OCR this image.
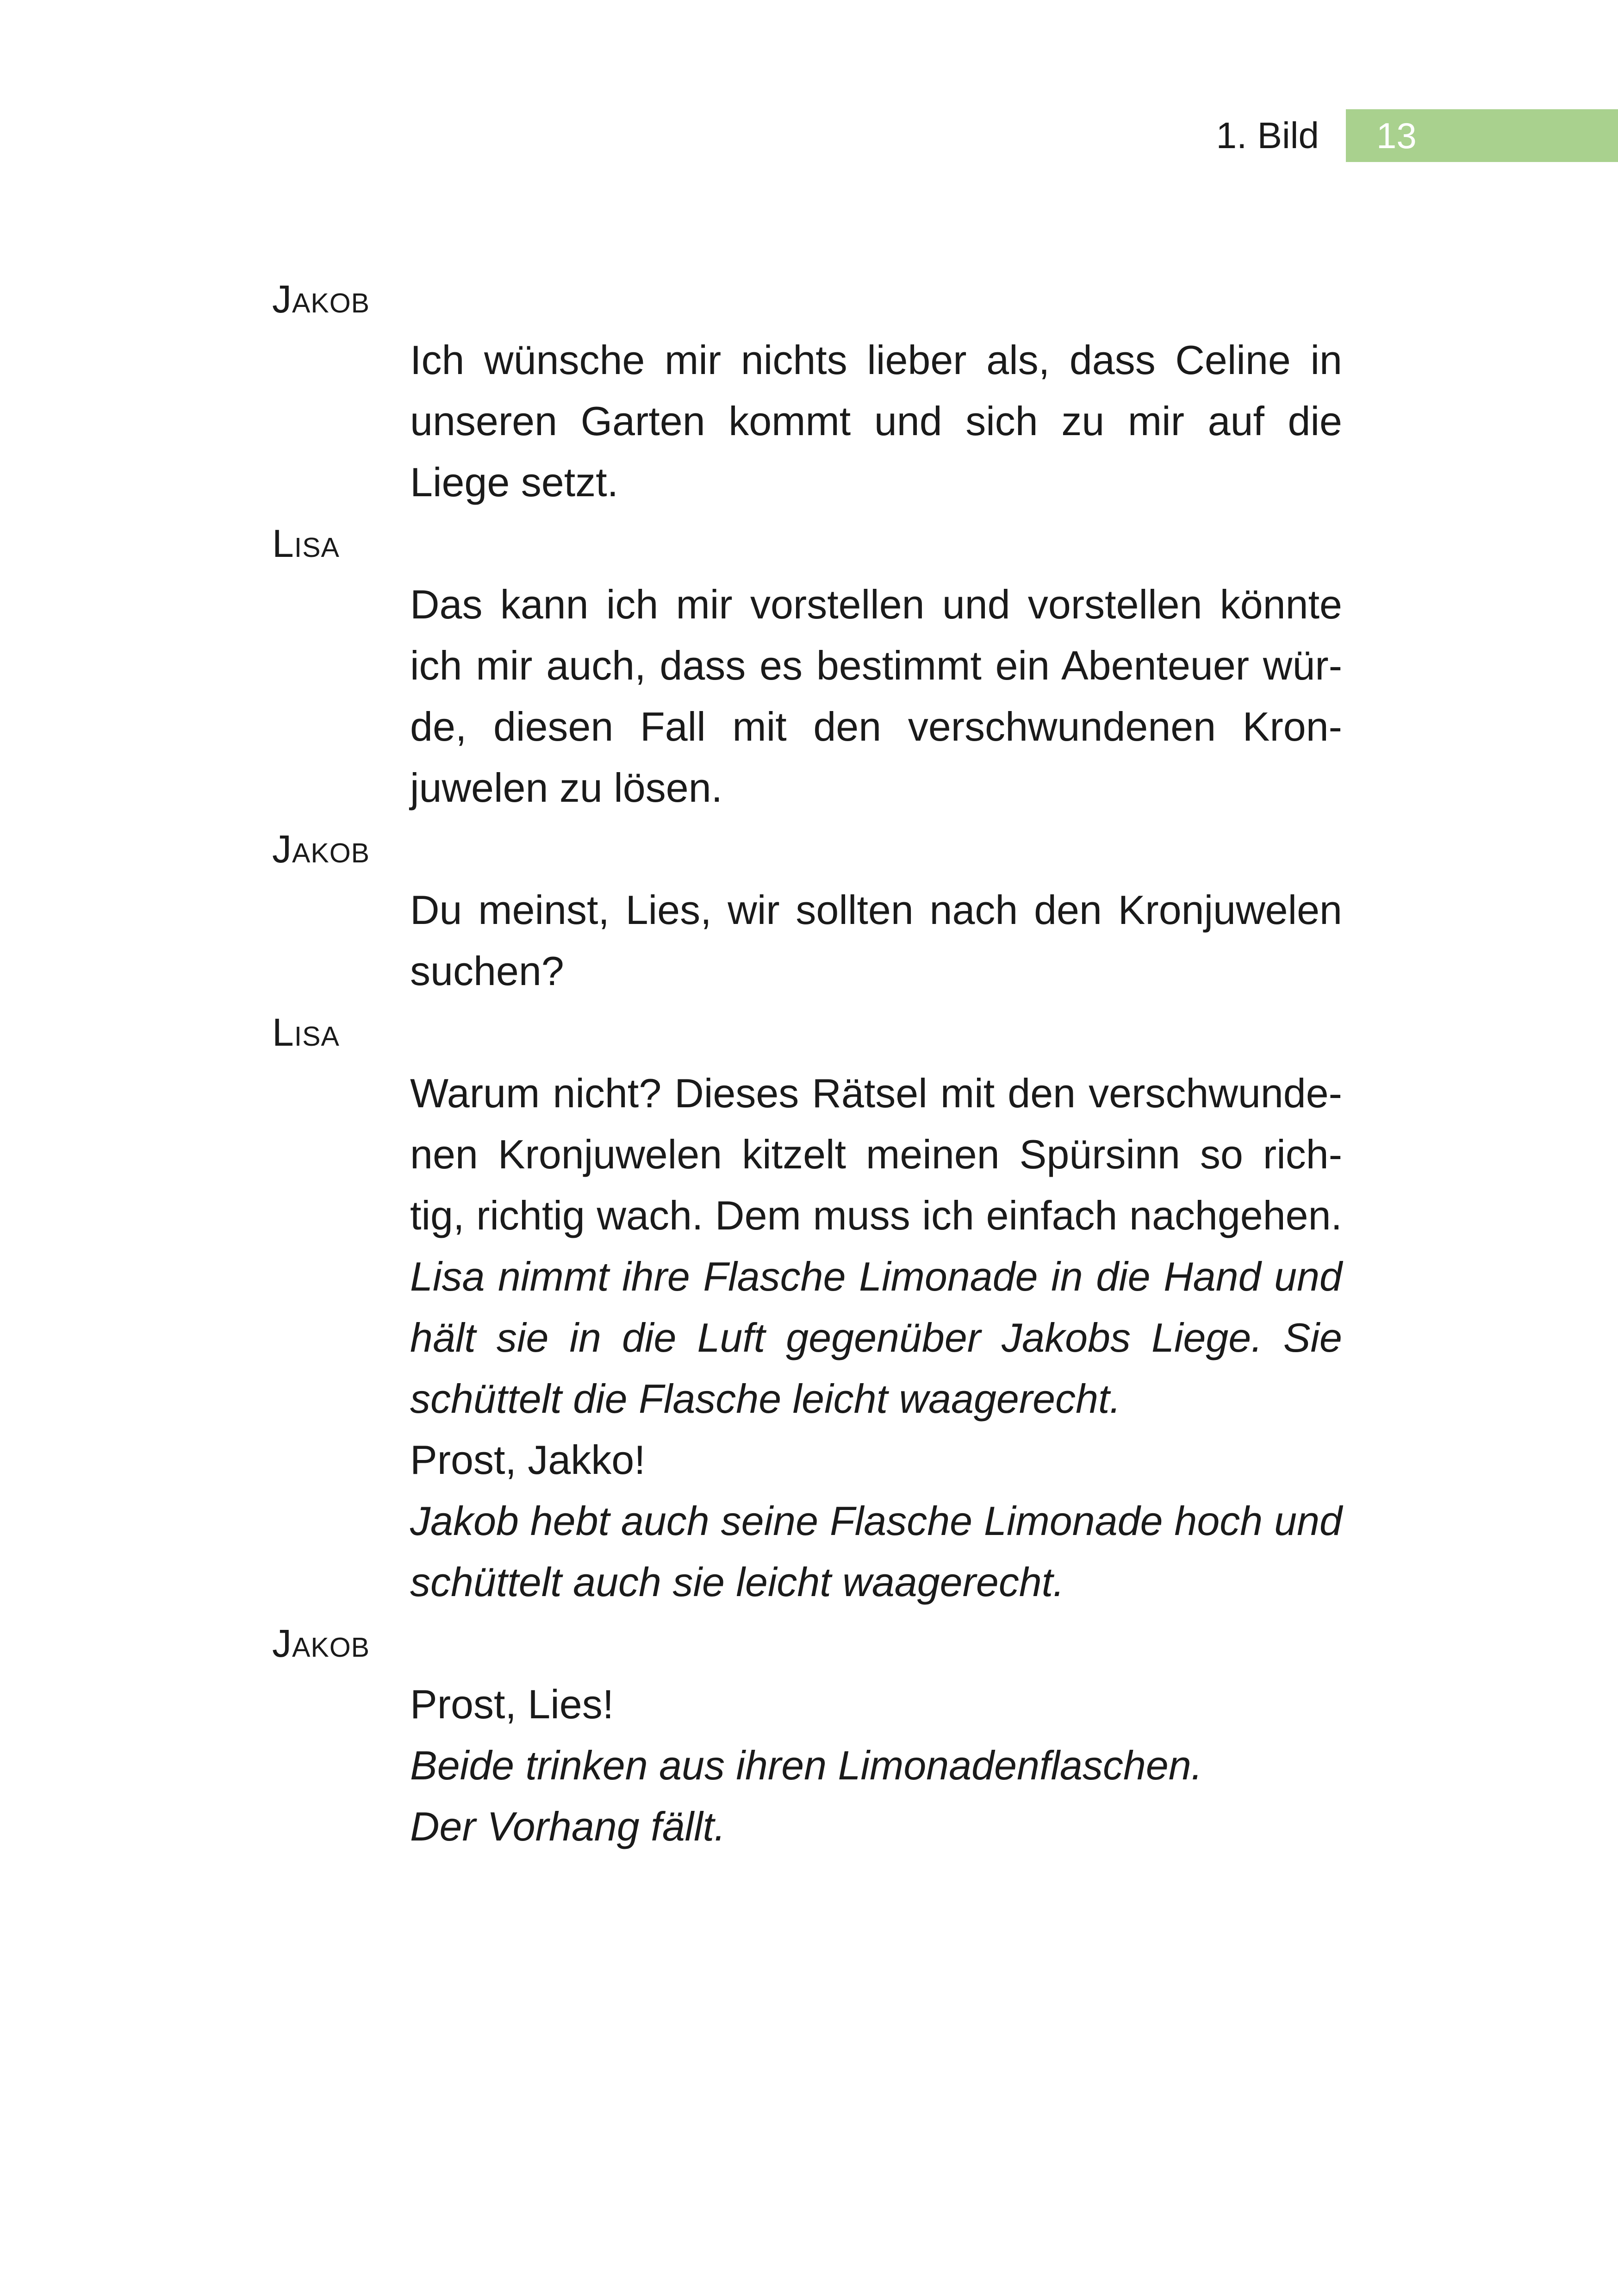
1. Bild 13
Jakob
Ich wünsche mir nichts lieber als, dass Celine in
unseren Garten kommt und sich zu mir auf die
Liege setzt.
Lisa
Das kann ich mir vorstellen und vorstellen könnte
ich mir auch, dass es bestimmt ein Abenteuer wür-
de, diesen Fall mit den verschwundenen Kron-
juwelen zu lösen.
Jakob
Du meinst, Lies, wir sollten nach den Kronjuwelen
suchen?
Lisa
Warum nicht? Dieses Rätsel mit den verschwunde-
nen Kronjuwelen kitzelt meinen Spürsinn so rich-
tig, richtig wach. Dem muss ich einfach nachgehen.
Lisa nimmt ihre Flasche Limonade in die Hand und
hält sie in die Luft gegenüber Jakobs Liege. Sie
schüttelt die Flasche leicht waagerecht.
Prost, Jakko!
Jakob hebt auch seine Flasche Limonade hoch und
schüttelt auch sie leicht waagerecht.
Jakob
Prost, Lies!
Beide trinken aus ihren Limonadenflaschen.
Der Vorhang fällt.
